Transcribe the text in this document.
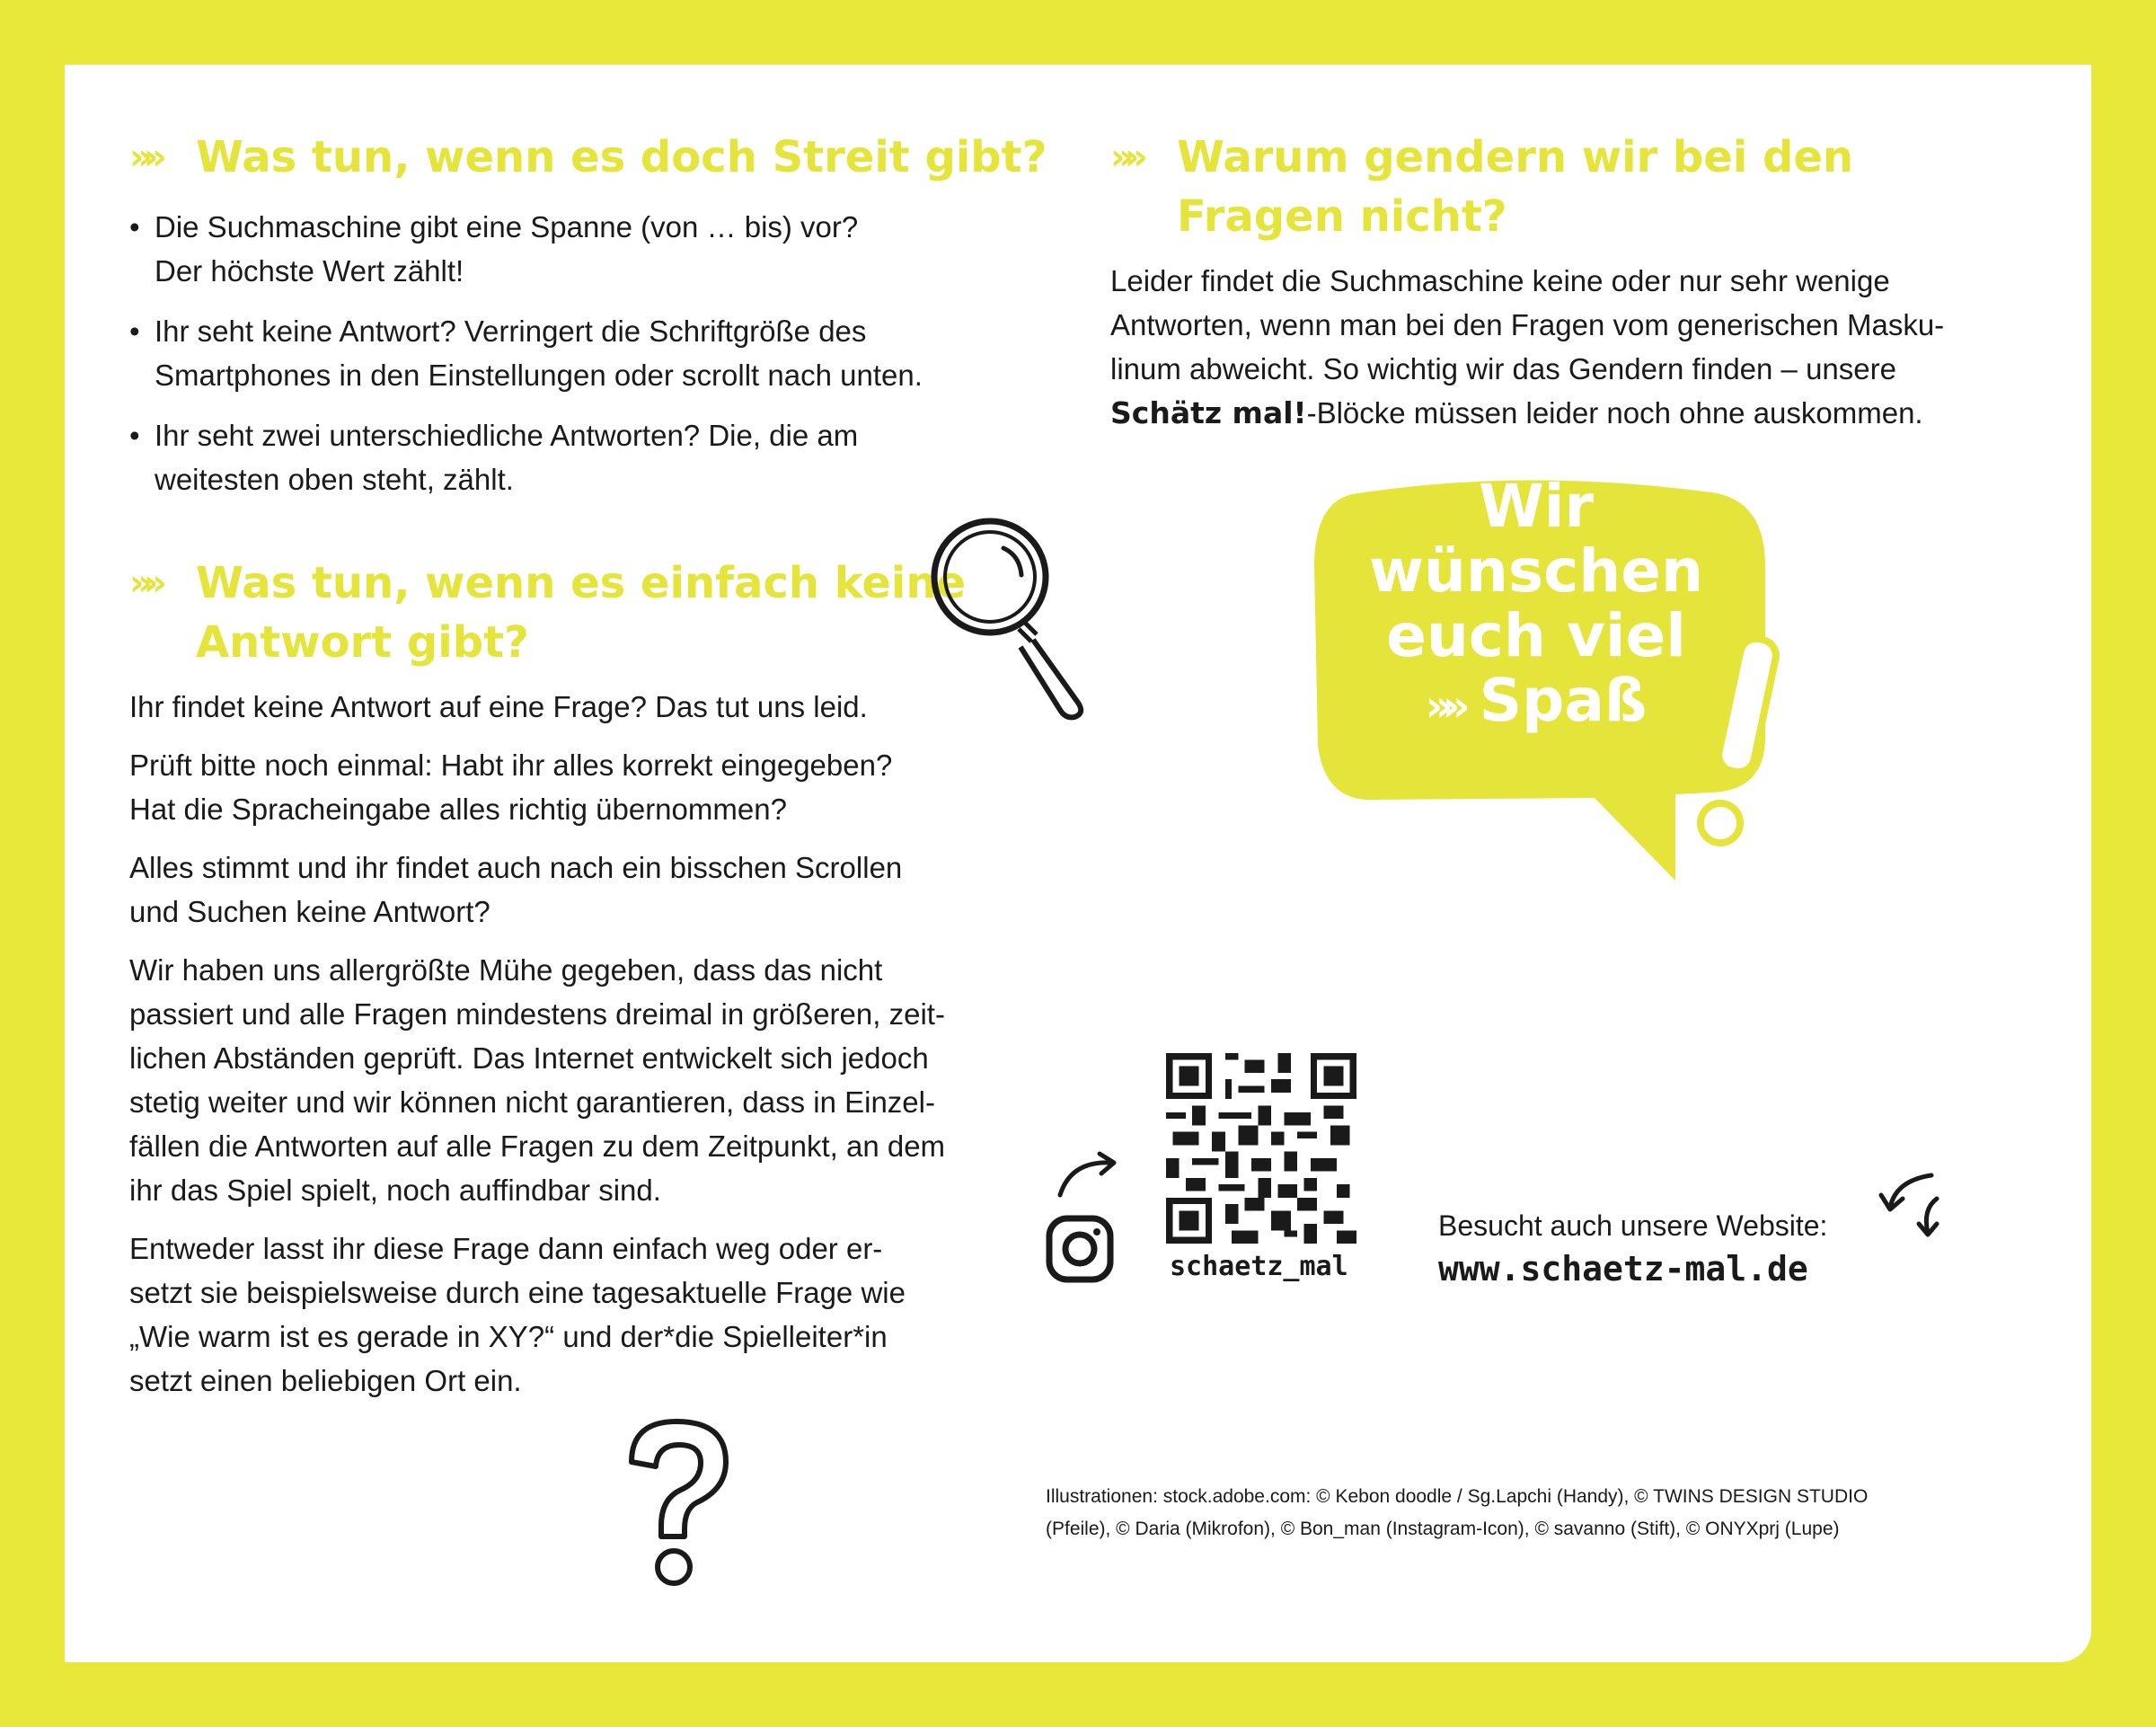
»» Was tun, wenn es doch Streit gibt?
• Die Suchmaschine gibt eine Spanne (von … bis) vor?
Der höchste Wert zählt!
• Ihr seht keine Antwort? Verringert die Schriftgröße des
Smartphones in den Einstellungen oder scrollt nach unten.
• Ihr seht zwei unterschiedliche Antworten? Die, die am
weitesten oben steht, zählt.
»» Was tun, wenn es einfach keine
Antwort gibt?

Ihr findet keine Antwort auf eine Frage? Das tut uns leid.

Prüft bitte noch einmal: Habt ihr alles korrekt eingegeben?
Hat die Spracheingabe alles richtig übernommen?

Alles stimmt und ihr findet auch nach ein bisschen Scrollen
und Suchen keine Antwort?

Wir haben uns allergrößte Mühe gegeben, dass das nicht
passiert und alle Fragen mindestens dreimal in größeren, zeit-
lichen Abständen geprüft. Das Internet entwickelt sich jedoch
stetig weiter und wir können nicht garantieren, dass in Einzel-
fällen die Antworten auf alle Fragen zu dem Zeitpunkt, an dem
ihr das Spiel spielt, noch auffindbar sind.

Entweder lasst ihr diese Frage dann einfach weg oder er-
setzt sie beispielsweise durch eine tagesaktuelle Frage wie
„Wie warm ist es gerade in XY?“ und der*die Spielleiter*in
setzt einen beliebigen Ort ein.

»» Warum gendern wir bei den
Fragen nicht?

Leider findet die Suchmaschine keine oder nur sehr wenige
Antworten, wenn man bei den Fragen vom generischen Masku-
linum abweicht. So wichtig wir das Gendern finden – unsere
Schätz mal!-Blöcke müssen leider noch ohne auskommen.

Wir
wünschen
euch viel
»» Spaß
schaetz_mal
Besucht auch unsere Website:
www.schaetz-mal.de
Illustrationen: stock.adobe.com: © Kebon doodle / Sg.Lapchi (Handy), © TWINS DESIGN STUDIO
(Pfeile), © Daria (Mikrofon), © Bon_man (Instagram-Icon), © savanno (Stift), © ONYXprj (Lupe)
